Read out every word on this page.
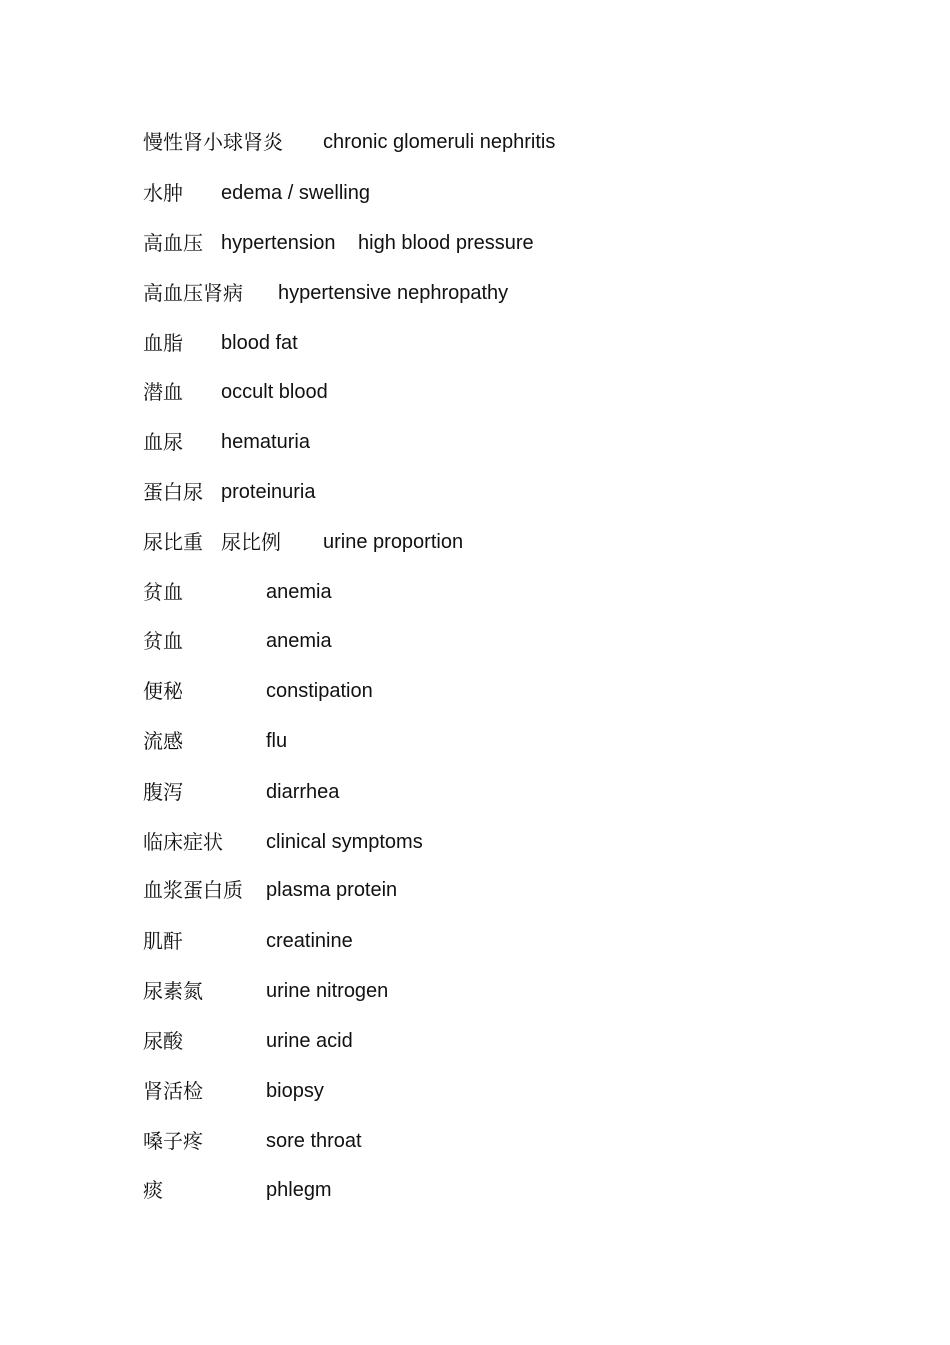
慢性肾小球肾炎 chronic glomeruli nephritis
水肿 edema / swelling
高血压 hypertension high blood pressure
高血压肾病 hypertensive nephropathy
血脂 blood fat
潜血 occult blood
血尿 hematuria
蛋白尿 proteinuria
尿比重 尿比例 urine proportion
贫血	anemia
贫血	anemia
便秘	constipation
流感	flu
腹泻	diarrhea
临床症状 clinical symptoms
血浆蛋白质 plasma protein
肌酐	creatinine
尿素氮	urine nitrogen
尿酸	urine acid
肾活检	biopsy
嗓子疼	sore throat
痰	phlegm
